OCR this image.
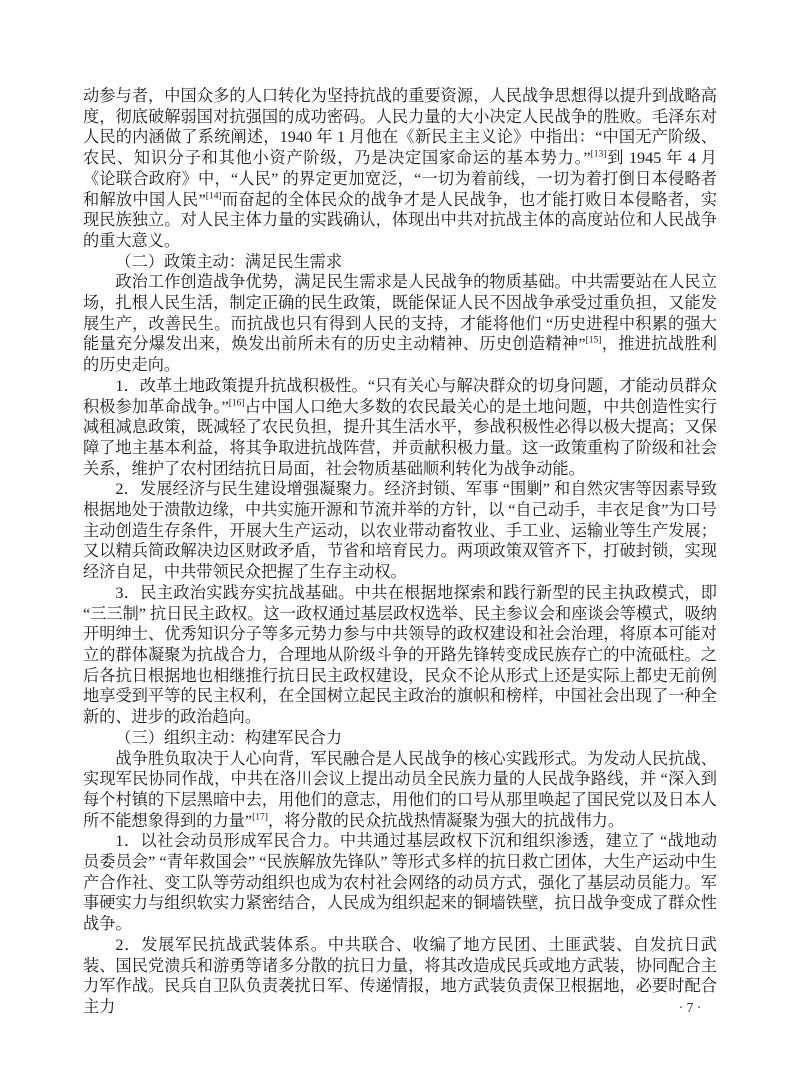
动参与者，中国众多的人口转化为坚持抗战的重要资源，人民战争思想得以提升到战略高度，彻底破解弱国对抗强国的成功密码。人民力量的大小决定人民战争的胜败。毛泽东对人民的内涵做了系统阐述，1940 年 1 月他在《新民主主义论》中指出：“中国无产阶级、农民、知识分子和其他小资产阶级，乃是决定国家命运的基本势力。”[13]到 1945 年 4 月《论联合政府》中，“人民” 的界定更加宽泛，“一切为着前线，一切为着打倒日本侵略者和解放中国人民”[14]而奋起的全体民众的战争才是人民战争，也才能打败日本侵略者，实现民族独立。对人民主体力量的实践确认，体现出中共对抗战主体的高度站位和人民战争的重大意义。

（二）政策主动：满足民生需求

政治工作创造战争优势，满足民生需求是人民战争的物质基础。中共需要站在人民立场，扎根人民生活，制定正确的民生政策，既能保证人民不因战争承受过重负担，又能发展生产，改善民生。而抗战也只有得到人民的支持，才能将他们 “历史进程中积累的强大能量充分爆发出来，焕发出前所未有的历史主动精神、历史创造精神”[15]，推进抗战胜利的历史走向。

1．改革土地政策提升抗战积极性。“只有关心与解决群众的切身问题，才能动员群众积极参加革命战争。”[16]占中国人口绝大多数的农民最关心的是土地问题，中共创造性实行减租减息政策，既减轻了农民负担，提升其生活水平，参战积极性必得以极大提高；又保障了地主基本利益，将其争取进抗战阵营，并贡献积极力量。这一政策重构了阶级和社会关系，维护了农村团结抗日局面，社会物质基础顺利转化为战争动能。

2．发展经济与民生建设增强凝聚力。经济封锁、军事 “围剿” 和自然灾害等因素导致根据地处于溃散边缘，中共实施开源和节流并举的方针，以 “自己动手，丰衣足食”为口号主动创造生存条件，开展大生产运动，以农业带动畜牧业、手工业、运输业等生产发展；又以精兵简政解决边区财政矛盾，节省和培育民力。两项政策双管齐下，打破封锁，实现经济自足，中共带领民众把握了生存主动权。

3．民主政治实践夯实抗战基础。中共在根据地探索和践行新型的民主执政模式，即“三三制” 抗日民主政权。这一政权通过基层政权选举、民主参议会和座谈会等模式，吸纳开明绅士、优秀知识分子等多元势力参与中共领导的政权建设和社会治理，将原本可能对立的群体凝聚为抗战合力，合理地从阶级斗争的开路先锋转变成民族存亡的中流砥柱。之后各抗日根据地也相继推行抗日民主政权建设，民众不论从形式上还是实际上都史无前例地享受到平等的民主权利，在全国树立起民主政治的旗帜和榜样，中国社会出现了一种全新的、进步的政治趋向。

（三）组织主动：构建军民合力

战争胜负取决于人心向背，军民融合是人民战争的核心实践形式。为发动人民抗战、实现军民协同作战，中共在洛川会议上提出动员全民族力量的人民战争路线，并 “深入到每个村镇的下层黑暗中去，用他们的意志，用他们的口号从那里唤起了国民党以及日本人所不能想象得到的力量”[17]，将分散的民众抗战热情凝聚为强大的抗战伟力。

1．以社会动员形成军民合力。中共通过基层政权下沉和组织渗透，建立了 “战地动员委员会” “青年救国会” “民族解放先锋队” 等形式多样的抗日救亡团体，大生产运动中生产合作社、变工队等劳动组织也成为农村社会网络的动员方式，强化了基层动员能力。军事硬实力与组织软实力紧密结合，人民成为组织起来的铜墙铁壁，抗日战争变成了群众性战争。

2．发展军民抗战武装体系。中共联合、收编了地方民团、土匪武装、自发抗日武装、国民党溃兵和游勇等诸多分散的抗日力量，将其改造成民兵或地方武装，协同配合主力军作战。民兵自卫队负责袭扰日军、传递情报，地方武装负责保卫根据地，必要时配合主力	· 7 ·
